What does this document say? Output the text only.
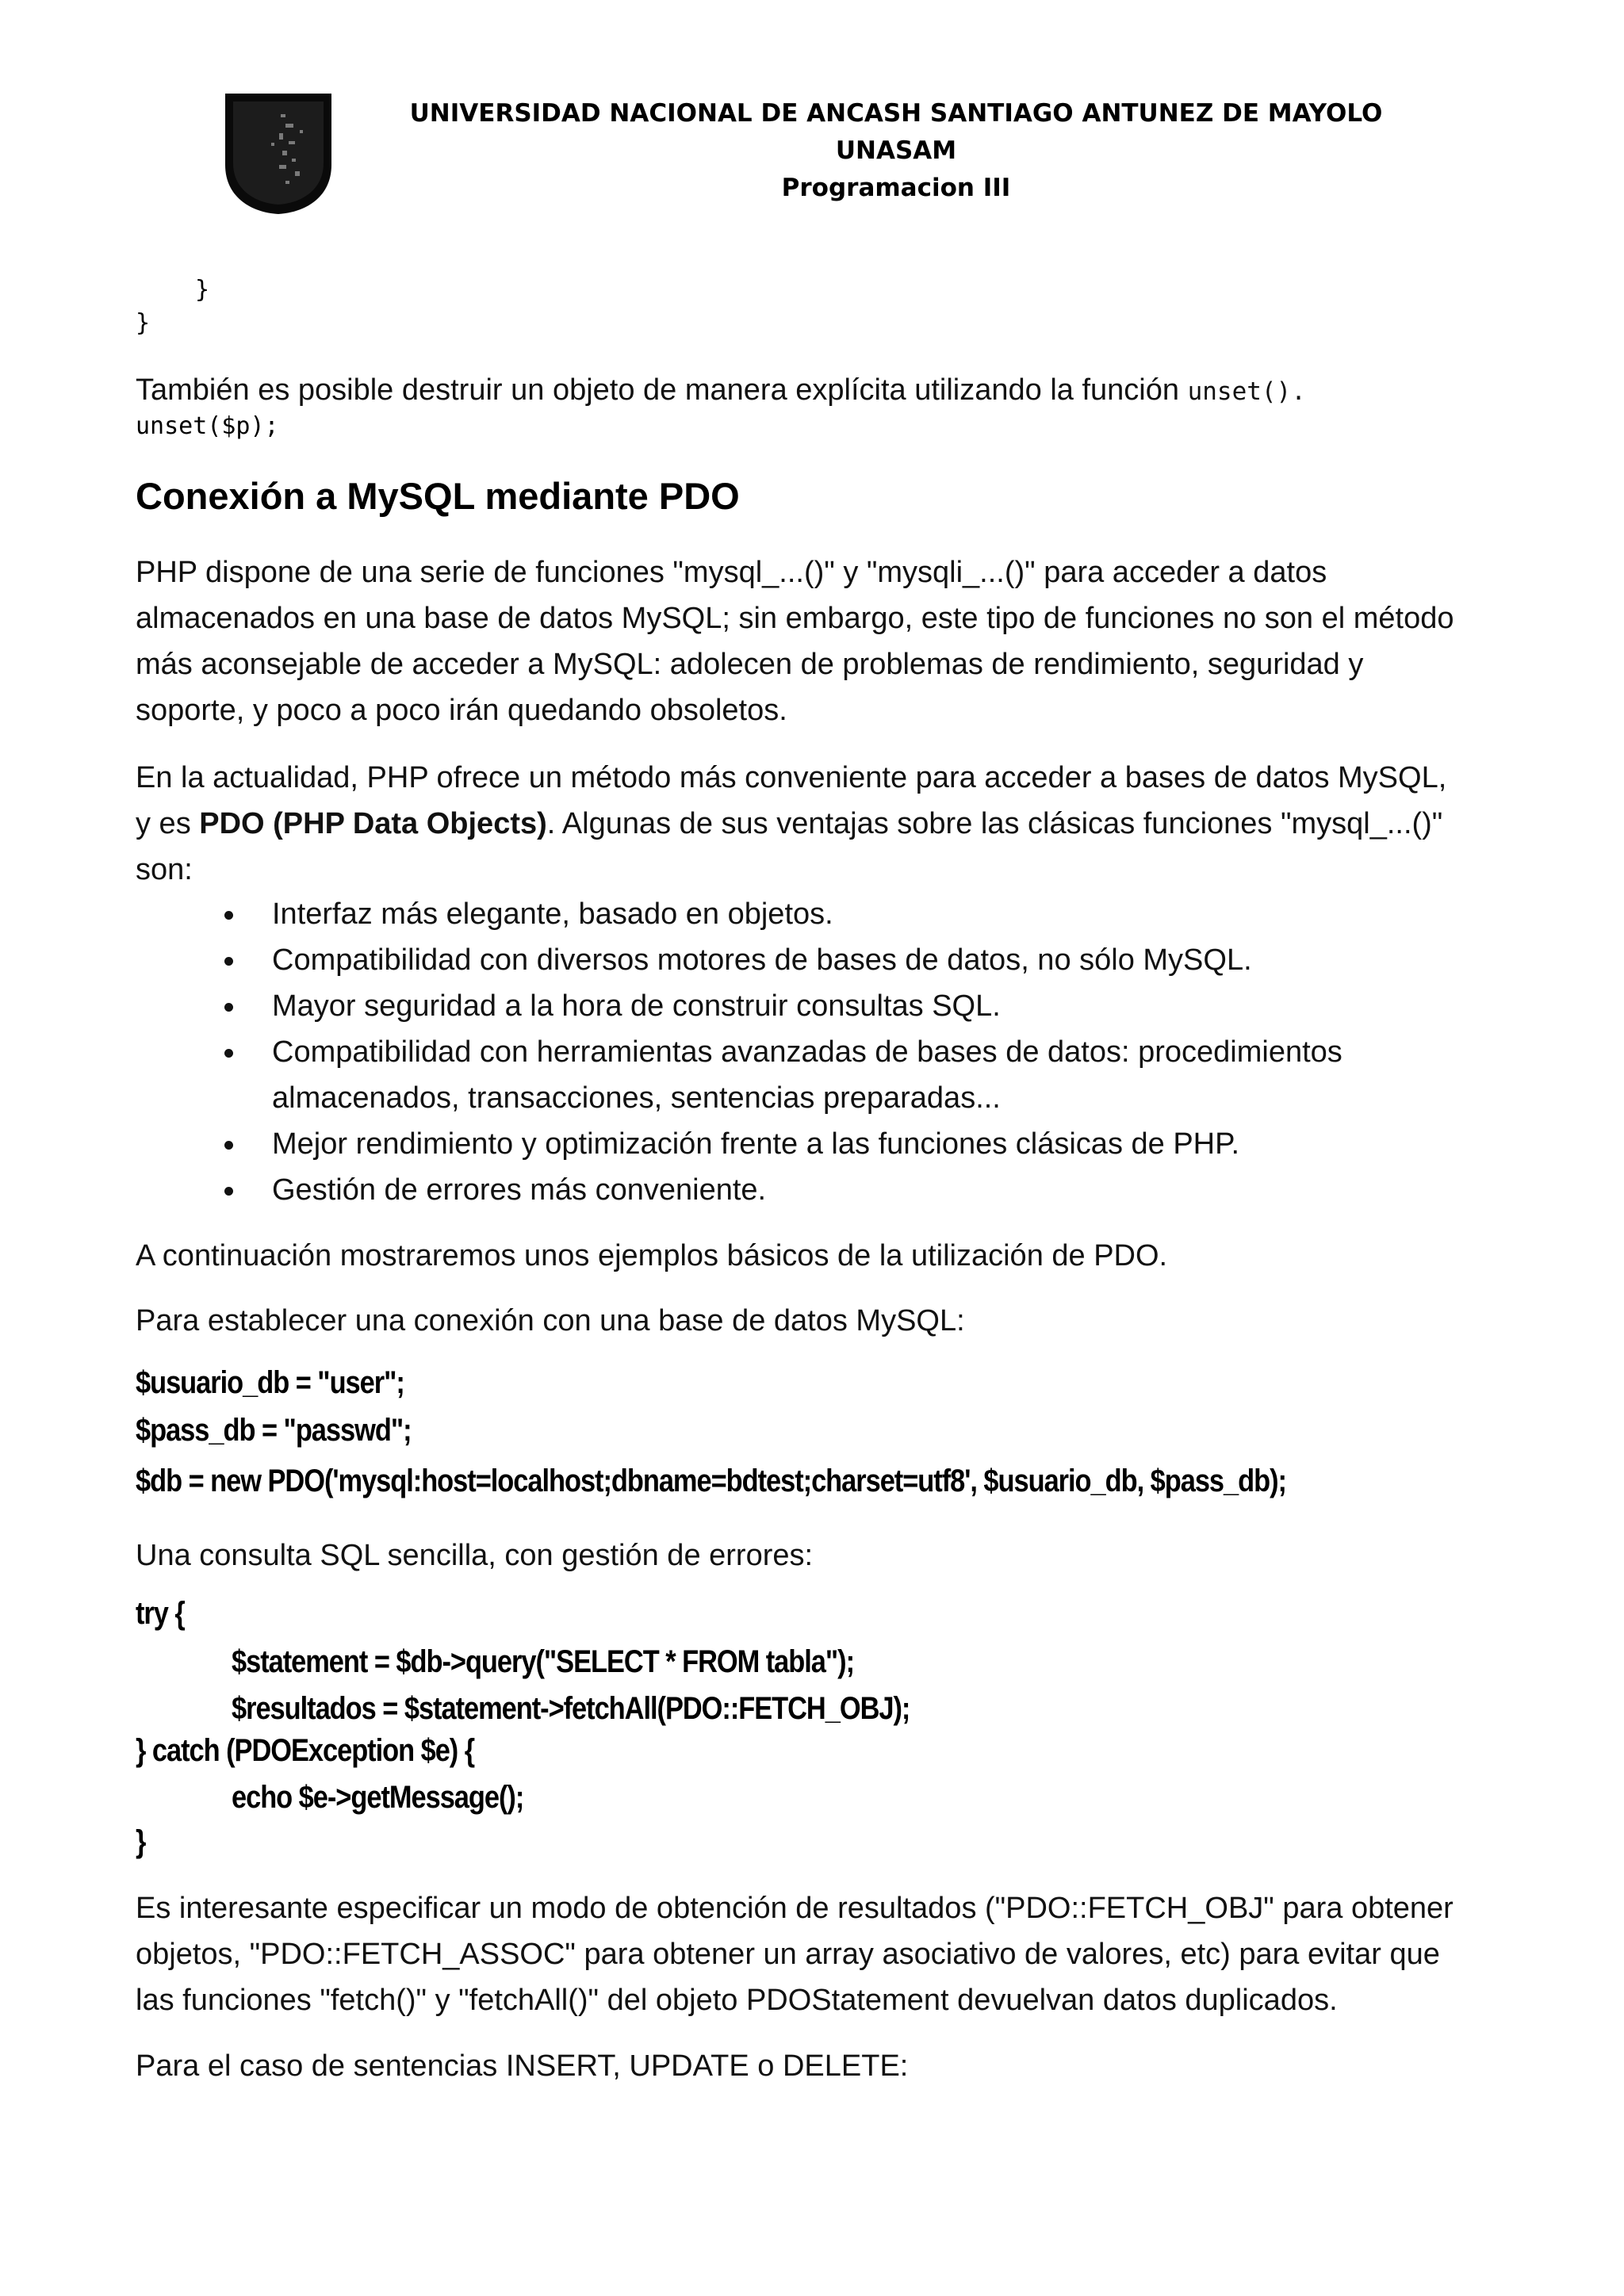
UNIVERSIDAD NACIONAL DE ANCASH SANTIAGO ANTUNEZ DE MAYOLO
UNASAM
Programacion III
}
}
También es posible destruir un objeto de manera explícita utilizando la función unset().
unset($p);
Conexión a MySQL mediante PDO
PHP dispone de una serie de funciones "mysql_...()" y "mysqli_...()" para acceder a datos
almacenados en una base de datos MySQL; sin embargo, este tipo de funciones no son el método
más aconsejable de acceder a MySQL: adolecen de problemas de rendimiento, seguridad y
soporte, y poco a poco irán quedando obsoletos.
En la actualidad, PHP ofrece un método más conveniente para acceder a bases de datos MySQL,
y es PDO (PHP Data Objects). Algunas de sus ventajas sobre las clásicas funciones "mysql_...()"
son:
Interfaz más elegante, basado en objetos.
Compatibilidad con diversos motores de bases de datos, no sólo MySQL.
Mayor seguridad a la hora de construir consultas SQL.
Compatibilidad con herramientas avanzadas de bases de datos: procedimientos
almacenados, transacciones, sentencias preparadas...
Mejor rendimiento y optimización frente a las funciones clásicas de PHP.
Gestión de errores más conveniente.
A continuación mostraremos unos ejemplos básicos de la utilización de PDO.
Para establecer una conexión con una base de datos MySQL:
$usuario_db = "user";
$pass_db = "passwd";
$db = new PDO('mysql:host=localhost;dbname=bdtest;charset=utf8', $usuario_db, $pass_db);
Una consulta SQL sencilla, con gestión de errores:
try {
$statement = $db->query("SELECT * FROM tabla");
$resultados = $statement->fetchAll(PDO::FETCH_OBJ);
} catch (PDOException $e) {
echo $e->getMessage();
}
Es interesante especificar un modo de obtención de resultados ("PDO::FETCH_OBJ" para obtener
objetos, "PDO::FETCH_ASSOC" para obtener un array asociativo de valores, etc) para evitar que
las funciones "fetch()" y "fetchAll()" del objeto PDOStatement devuelvan datos duplicados.
Para el caso de sentencias INSERT, UPDATE o DELETE:
